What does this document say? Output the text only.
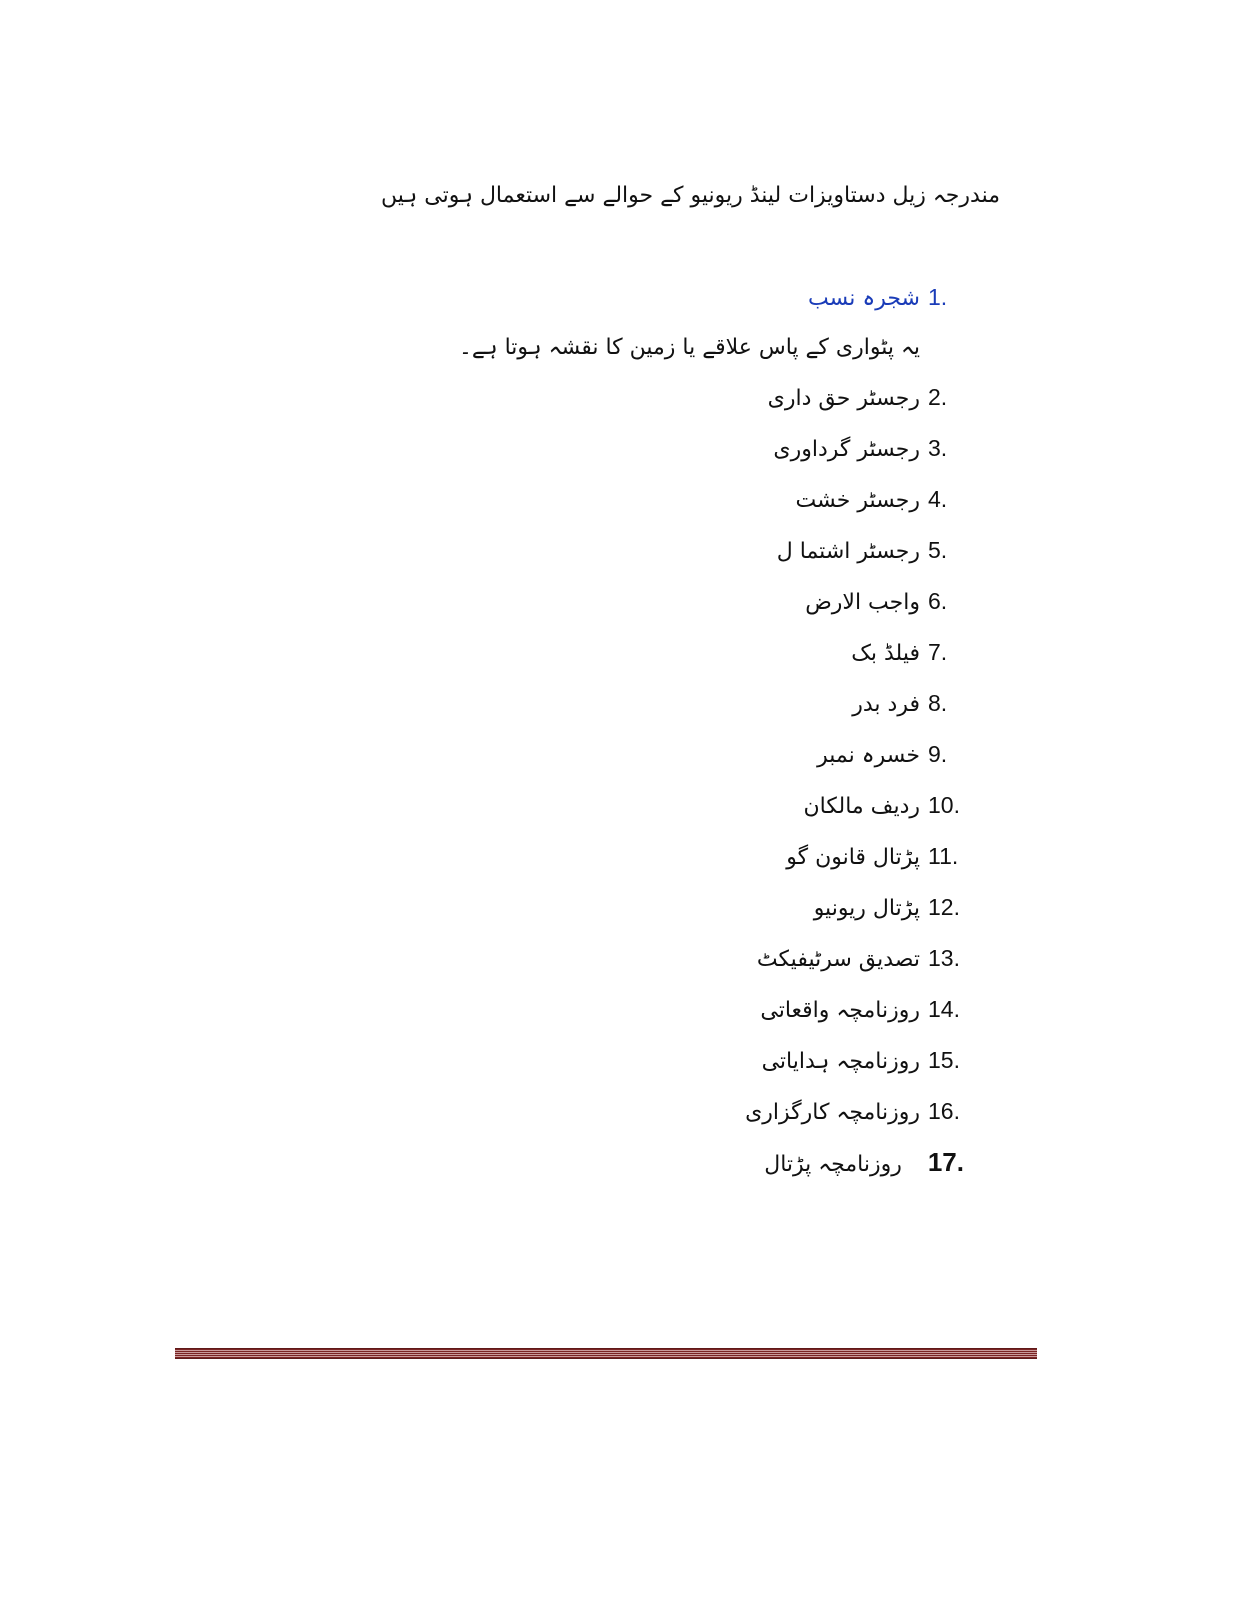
مندرجہ زیل دستاویزات لینڈ ریونیو کے حوالے سے استعمال ہوتی ہیں
1.شجرہ نسب
یہ پٹواری کے پاس علاقے یا زمین کا نقشہ ہوتا ہے۔
2.رجسٹر حق داری
3.رجسٹر گرداوری
4.رجسٹر خشت
5.رجسٹر اشتما ل
6.واجب الارض
7.فیلڈ بک
8.فرد بدر
9.خسرہ نمبر
10.ردیف مالکان
11.پڑتال قانون گو
12.پڑتال ریونیو
13.تصدیق سرٹیفیکٹ
14.روزنامچہ واقعاتی
15.روزنامچہ ہدایاتی
16.روزنامچہ کارگزاری
17.روزنامچہ پڑتال
